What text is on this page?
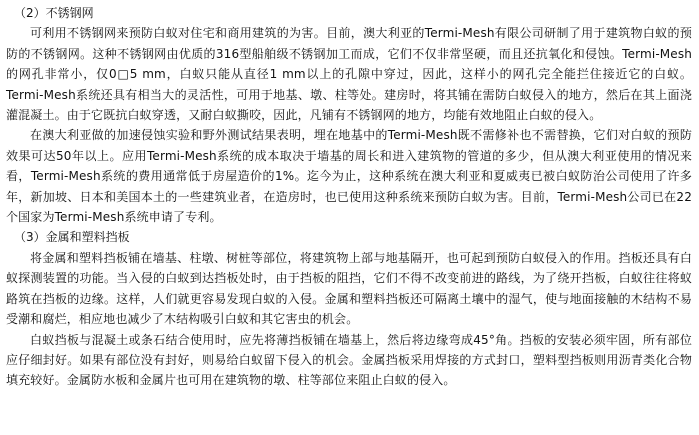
（2）不锈钢网

可利用不锈钢网来预防白蚁对住宅和商用建筑的为害。目前，澳大利亚的Termi-Mesh有限公司研制了用于建筑物白蚁的预防的不锈钢网。这种不锈钢网由优质的316型船舶级不锈钢加工而成，它们不仅非常坚硬，而且还抗氧化和侵蚀。Termi-Mesh的网孔非常小，仅0□5 mm，白蚁只能从直径1 mm以上的孔隙中穿过，因此，这样小的网孔完全能拦住接近它的白蚁。Termi-Mesh系统还具有相当大的灵活性，可用于地基、墩、柱等处。建房时，将其铺在需防白蚁侵入的地方，然后在其上面浇灌混凝土。由于它既抗白蚁穿透，又耐白蚁撕咬，因此，凡铺有不锈钢网的地方，均能有效地阻止白蚁的侵入。

在澳大利亚做的加速侵蚀实验和野外测试结果表明，埋在地基中的Termi-Mesh既不需修补也不需替换，它们对白蚁的预防效果可达50年以上。应用Termi-Mesh系统的成本取决于墙基的周长和进入建筑物的管道的多少，但从澳大利亚使用的情况来看，Termi-Mesh系统的费用通常低于房屋造价的1%。迄今为止，这种系统在澳大利亚和夏威夷已被白蚁防治公司使用了许多年，新加坡、日本和美国本土的一些建筑业者，在造房时，也已使用这种系统来预防白蚁为害。目前，Termi-Mesh公司已在22个国家为Termi-Mesh系统申请了专利。

（3）金属和塑料挡板

将金属和塑料挡板铺在墙基、柱墩、树桩等部位，将建筑物上部与地基隔开，也可起到预防白蚁侵入的作用。挡板还具有白蚁探测装置的功能。当入侵的白蚁到达挡板处时，由于挡板的阻挡，它们不得不改变前进的路线，为了绕开挡板，白蚁往往将蚁路筑在挡板的边缘。这样，人们就更容易发现白蚁的入侵。金属和塑料挡板还可隔离土壤中的湿气，使与地面接触的木结构不易受潮和腐烂，相应地也减少了木结构吸引白蚁和其它害虫的机会。

白蚁挡板与混凝土或条石结合使用时，应先将薄挡板铺在墙基上，然后将边缘弯成45°角。挡板的安装必须牢固，所有部位应仔细封好。如果有部位没有封好，则易给白蚁留下侵入的机会。金属挡板采用焊接的方式封口，塑料型挡板则用沥青类化合物填充较好。金属防水板和金属片也可用在建筑物的墩、柱等部位来阻止白蚁的侵入。
